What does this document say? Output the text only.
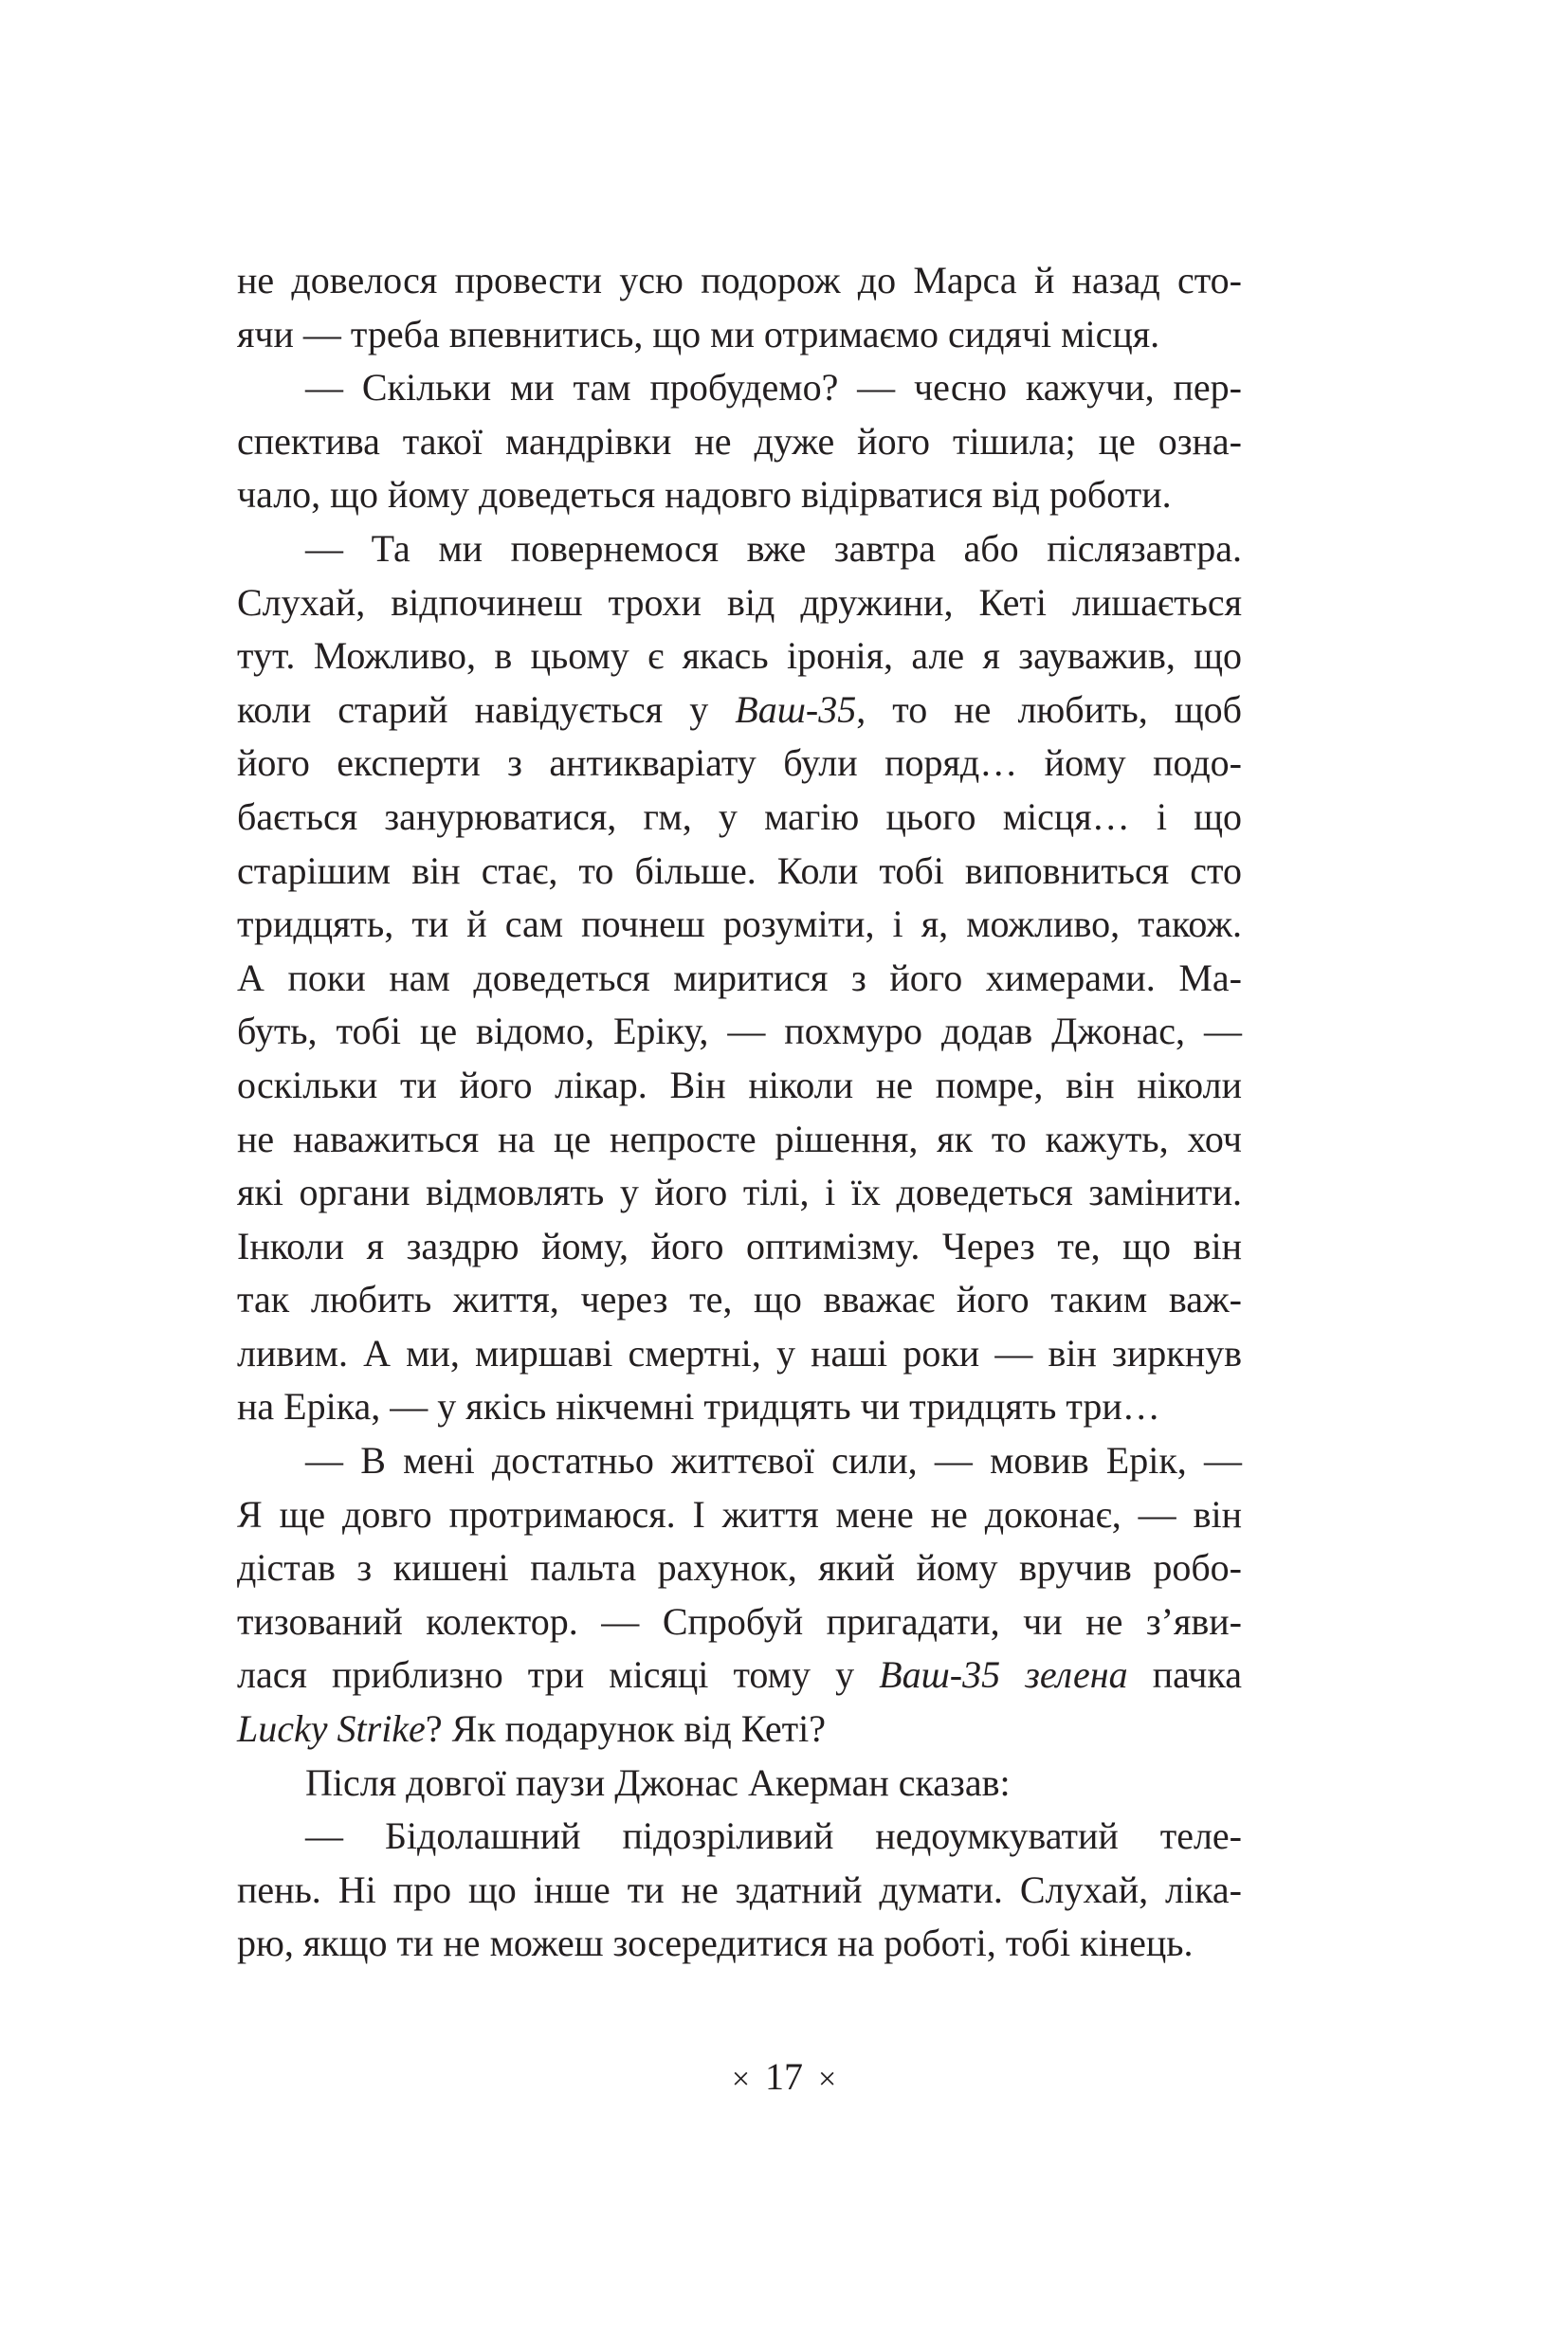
не довелося провести усю подорож до Марса й назад сто-
ячи — треба впевнитись, що ми отримаємо сидячі місця.
— Скільки ми там пробудемо? — чесно кажучи, пер-
спектива такої мандрівки не дуже його тішила; це озна-
чало, що йому доведеться надовго відірватися від роботи.
— Та ми повернемося вже завтра або післязавтра.
Слухай, відпочинеш трохи від дружини, Кеті лишається
тут. Можливо, в цьому є якась іронія, але я зауважив, що
коли старий навідується у Ваш-35, то не любить, щоб
його експерти з антикваріату були поряд… йому подо-
бається занурюватися, гм, у магію цього місця… і що
старішим він стає, то більше. Коли тобі виповниться сто
тридцять, ти й сам почнеш розуміти, і я, можливо, також.
А поки нам доведеться миритися з його химерами. Ма-
буть, тобі це відомо, Еріку, — похмуро додав Джонас, —
оскільки ти його лікар. Він ніколи не помре, він ніколи
не наважиться на це непросте рішення, як то кажуть, хоч
які органи відмовлять у його тілі, і їх доведеться замінити.
Інколи я заздрю йому, його оптимізму. Через те, що він
так любить життя, через те, що вважає його таким важ-
ливим. А ми, миршаві смертні, у наші роки — він зиркнув
на Еріка, — у якісь нікчемні тридцять чи тридцять три…
— В мені достатньо життєвої сили, — мовив Ерік, —
Я ще довго протримаюся. І життя мене не доконає, — він
дістав з кишені пальта рахунок, який йому вручив робо-
тизований колектор. — Спробуй пригадати, чи не з’яви-
лася приблизно три місяці тому у Ваш-35 зелена пачка
Lucky Strike? Як подарунок від Кеті?
Після довгої паузи Джонас Акерман сказав:
— Бідолашний підозріливий недоумкуватий теле-
пень. Ні про що інше ти не здатний думати. Слухай, ліка-
рю, якщо ти не можеш зосередитися на роботі, тобі кінець.
× 17 ×
